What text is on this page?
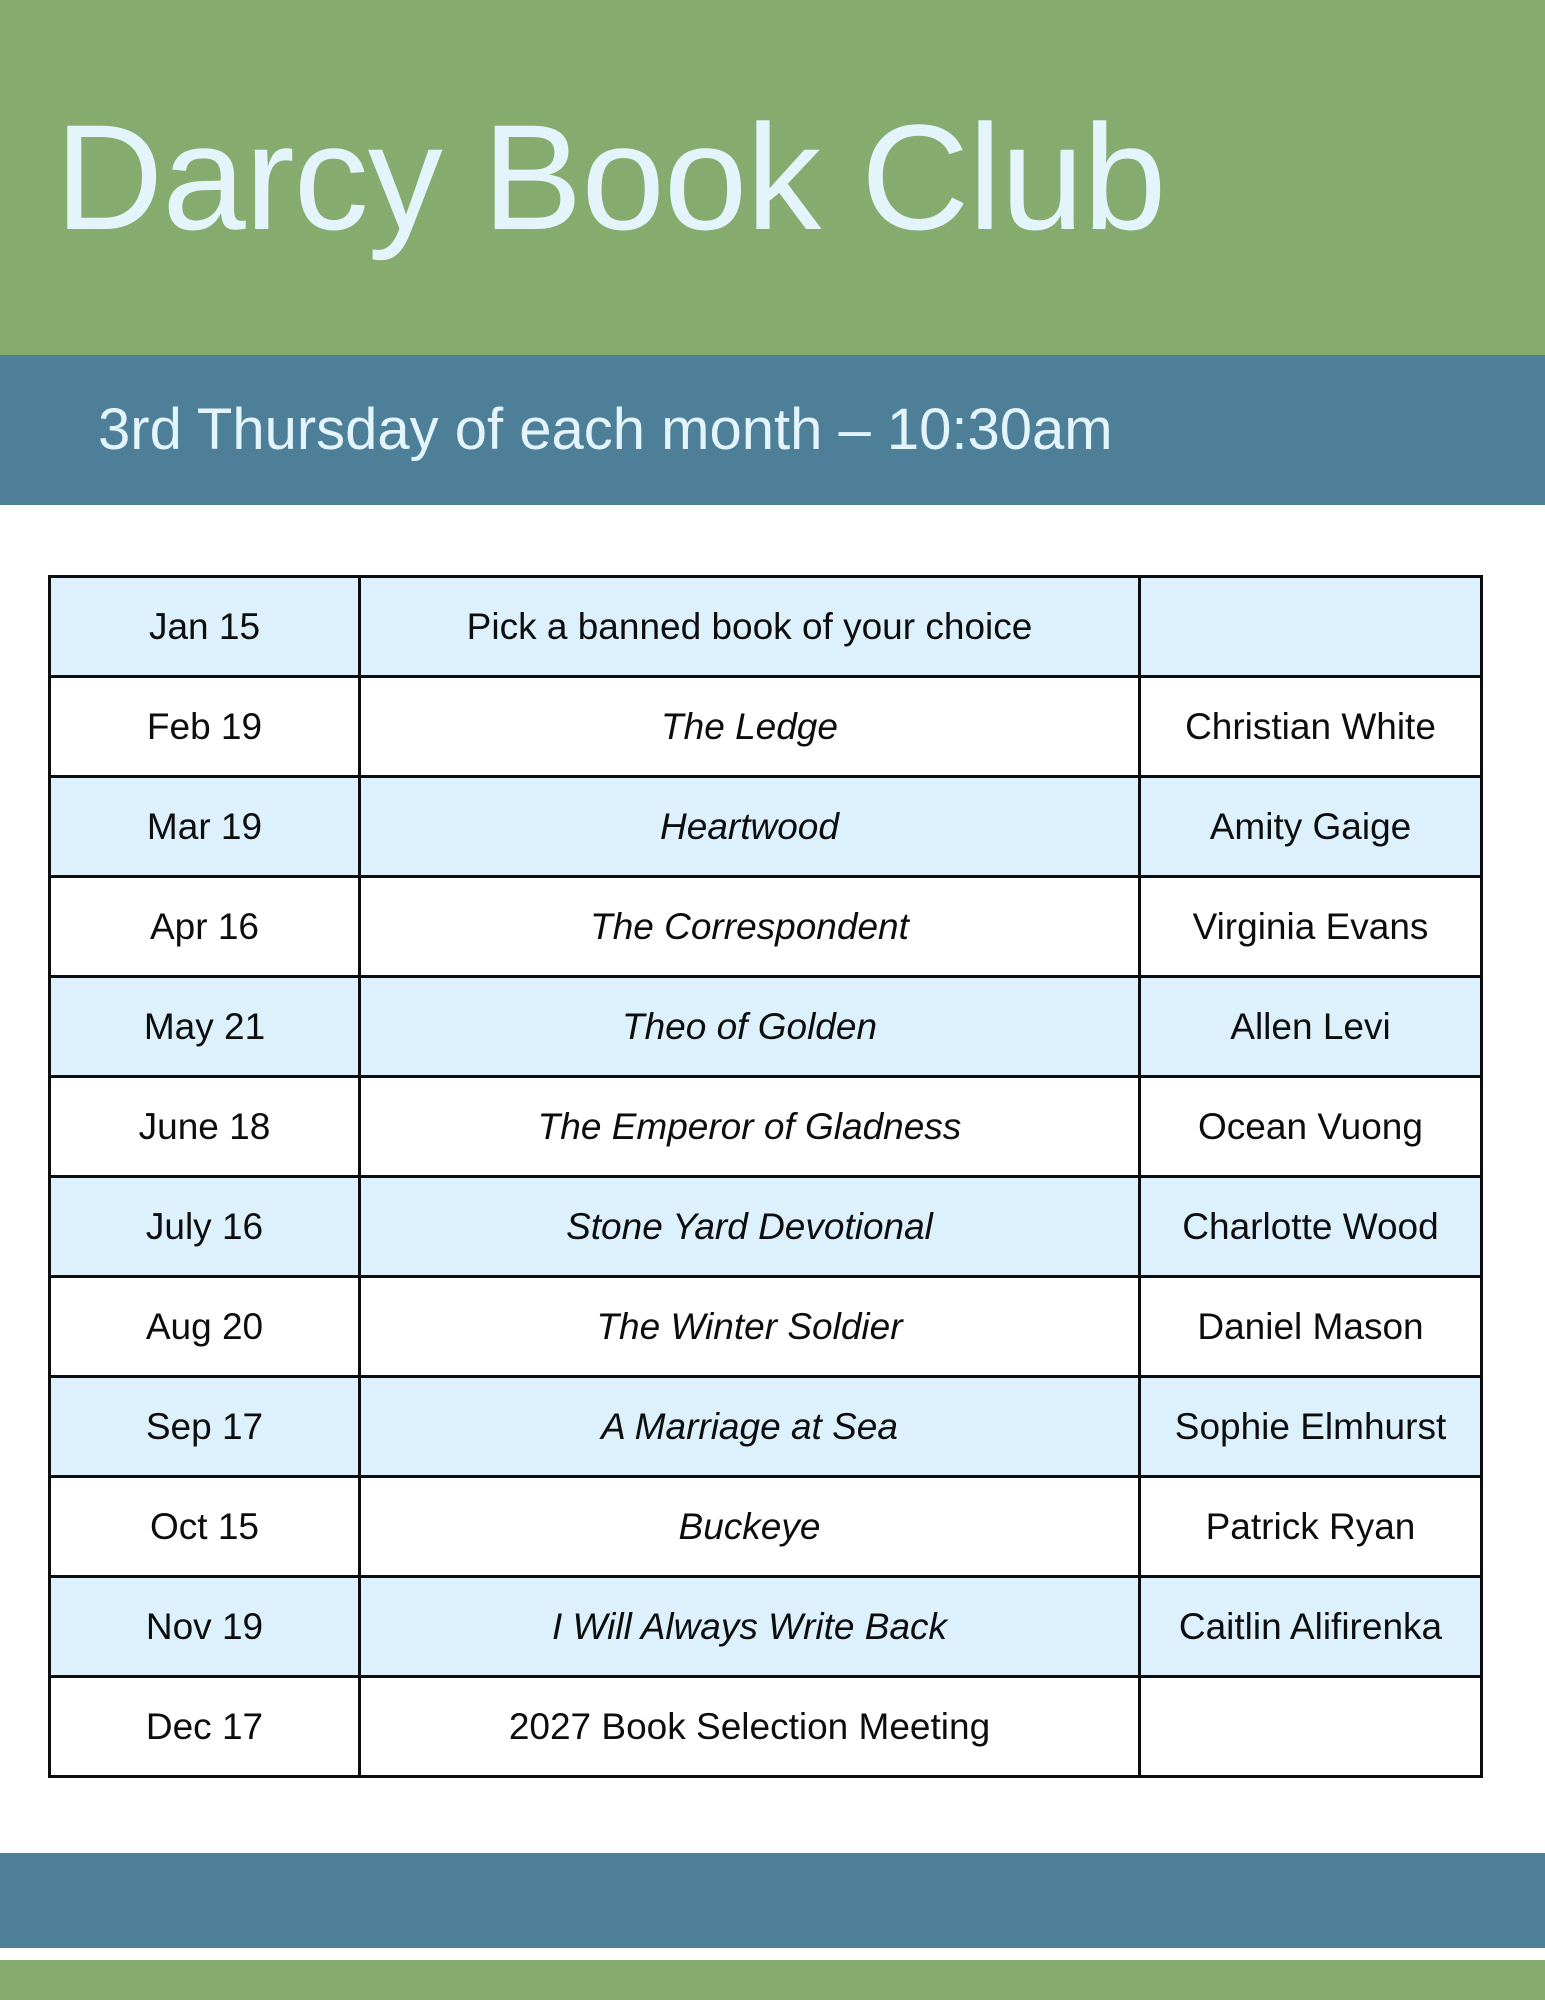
Darcy Book Club
3rd Thursday of each month – 10:30am
Jan 15	Pick a banned book of your choice	
Feb 19	The Ledge	Christian White
Mar 19	Heartwood	Amity Gaige
Apr 16	The Correspondent	Virginia Evans
May 21	Theo of Golden	Allen Levi
June 18	The Emperor of Gladness	Ocean Vuong
July 16	Stone Yard Devotional	Charlotte Wood
Aug 20	The Winter Soldier	Daniel Mason
Sep 17	A Marriage at Sea	Sophie Elmhurst
Oct 15	Buckeye	Patrick Ryan
Nov 19	I Will Always Write Back	Caitlin Alifirenka
Dec 17	2027 Book Selection Meeting	
